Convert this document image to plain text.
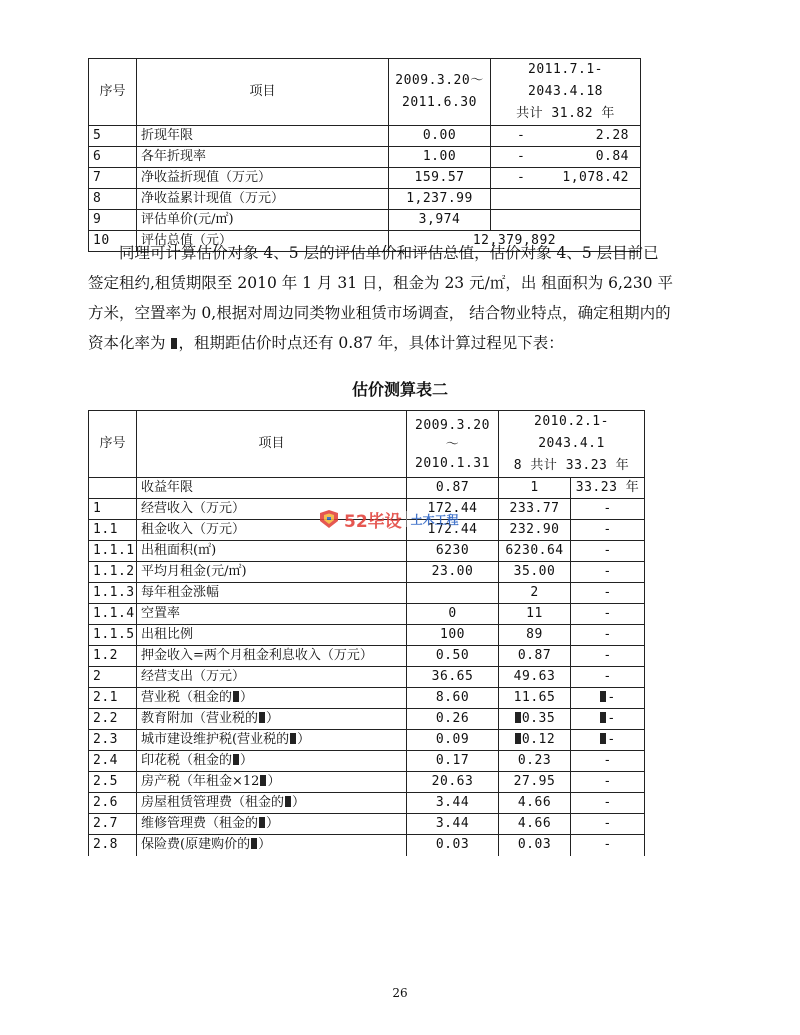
序号	项目	2009.3.20～
2011.6.30	2011.7.1-2043.4.18
共计 31.82 年
5	折现年限	0.00	- 2.28
6	各年折现率	1.00	- 0.84
7	净收益折现值（万元）	159.57	- 1,078.42
8	净收益累计现值（万元）	1,237.99	
9	评估单价(元/㎡)	3,974	
10	评估总值（元）	12,379,892	

同理可计算估价对象 4、5 层的评估单价和评估总值，估价对象 4、5 层目前已
签定租约,租赁期限至 2010 年 1 月 31 日，租金为 23 元/㎡，出 租面积为 6,230 平
方米，空置率为 0,根据对周边同类物业租赁市场调查， 结合物业特点，确定租期内的
资本化率为 ，租期距估价时点还有 0.87 年，具体计算过程见下表：

估价测算表二
序号	项目	2009.3.20
～
2010.1.31	2010.2.1-2043.4.1
8 共计 33.23 年	
	收益年限	0.87	1	33.23 年
1	经营收入（万元）	172.44	233.77	-
1.1	租金收入（万元）	172.44	232.90	-
1.1.1	出租面积(㎡)	6230	6230.64	-
1.1.2	平均月租金(元/㎡)	23.00	35.00	-
1.1.3	每年租金涨幅		2	-
1.1.4	空置率	0	11	-
1.1.5	出租比例	100	89	-
1.2	押金收入=两个月租金利息收入（万元）	0.50	0.87	-
2	经营支出（万元）	36.65	49.63	-
2.1	营业税（租金的 ）	8.60	11.65	-
2.2	教育附加（营业税的 ）	0.26	0.35	-
2.3	城市建设维护税(营业税的 ）	0.09	0.12	-
2.4	印花税（租金的 ）	0.17	0.23	-
2.5	房产税（年租金×12 ）	20.63	27.95	-
2.6	房屋租赁管理费（租金的 ）	3.44	4.66	-
2.7	维修管理费（租金的 ）	3.44	4.66	-
2.8	保险费(原建购价的 ）	0.03	0.03	-
52毕设 土木工程
26
